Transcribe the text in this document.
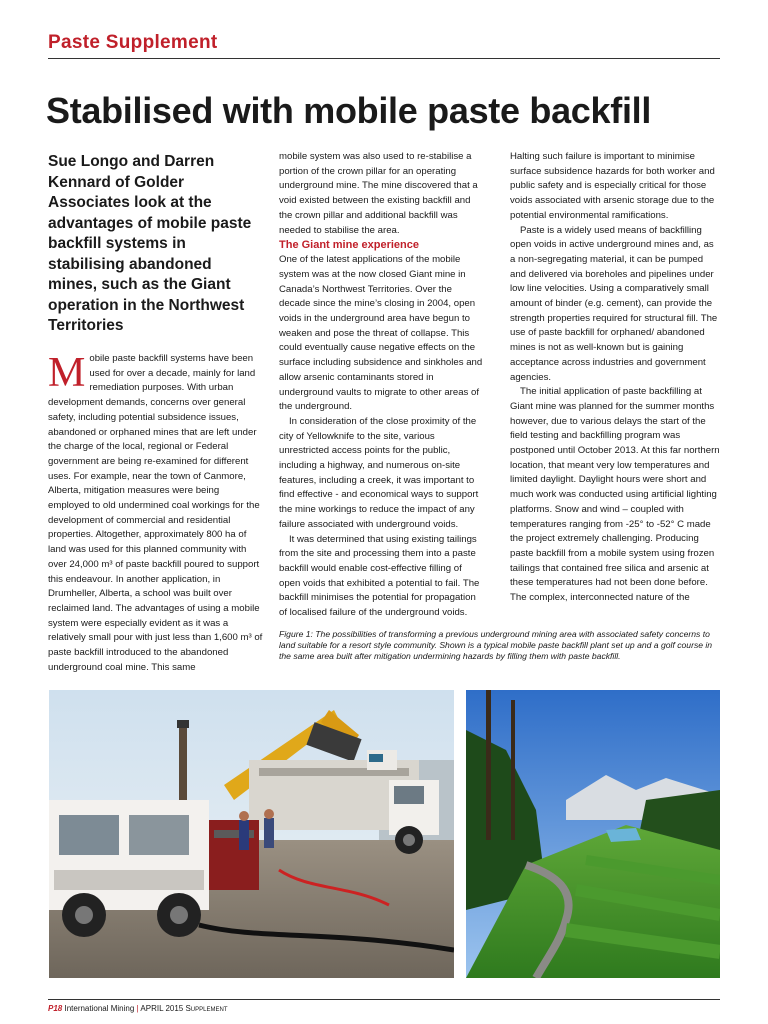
Paste Supplement
Stabilised with mobile paste backfill
Sue Longo and Darren Kennard of Golder Associates look at the advantages of mobile paste backfill systems in stabilising abandoned mines, such as the Giant operation in the Northwest Territories

Mobile paste backfill systems have been used for over a decade, mainly for land remediation purposes. With urban development demands, concerns over general safety, including potential subsidence issues, abandoned or orphaned mines that are left under the charge of the local, regional or Federal government are being re-examined for different uses. For example, near the town of Canmore, Alberta, mitigation measures were being employed to old undermined coal workings for the development of commercial and residential properties. Altogether, approximately 800 ha of land was used for this planned community with over 24,000 m³ of paste backfill poured to support this endeavour. In another application, in Drumheller, Alberta, a school was built over reclaimed land. The advantages of using a mobile system were especially evident as it was a relatively small pour with just less than 1,600 m³ of paste backfill introduced to the abandoned underground coal mine. This same

mobile system was also used to re-stabilise a portion of the crown pillar for an operating underground mine. The mine discovered that a void existed between the existing backfill and the crown pillar and additional backfill was needed to stabilise the area.

The Giant mine experience

One of the latest applications of the mobile system was at the now closed Giant mine in Canada’s Northwest Territories. Over the decade since the mine’s closing in 2004, open voids in the underground area have begun to weaken and pose the threat of collapse. This could eventually cause negative effects on the surface including subsidence and sinkholes and allow arsenic contaminants stored in underground vaults to migrate to other areas of the underground.

In consideration of the close proximity of the city of Yellowknife to the site, various unrestricted access points for the public, including a highway, and numerous on-site features, including a creek, it was important to find effective - and economical ways to support the mine workings to reduce the impact of any failure associated with underground voids.

It was determined that using existing tailings from the site and processing them into a paste backfill would enable cost-effective filling of open voids that exhibited a potential to fail. The backfill minimises the potential for propagation of localised failure of the underground voids.

Halting such failure is important to minimise surface subsidence hazards for both worker and public safety and is especially critical for those voids associated with arsenic storage due to the potential environmental ramifications.

Paste is a widely used means of backfilling open voids in active underground mines and, as a non-segregating material, it can be pumped and delivered via boreholes and pipelines under low line velocities. Using a comparatively small amount of binder (e.g. cement), can provide the strength properties required for structural fill. The use of paste backfill for orphaned/ abandoned mines is not as well-known but is gaining acceptance across industries and government agencies.

The initial application of paste backfilling at Giant mine was planned for the summer months however, due to various delays the start of the field testing and backfilling program was postponed until October 2013. At this far northern location, that meant very low temperatures and limited daylight. Daylight hours were short and much work was conducted using artificial lighting platforms. Snow and wind – coupled with temperatures ranging from -25° to -52° C made the project extremely challenging. Producing paste backfill from a mobile system using frozen tailings that contained free silica and arsenic at these temperatures had not been done before. The complex, interconnected nature of the

Figure 1: The possibilities of transforming a previous underground mining area with associated safety concerns to land suitable for a resort style community. Shown is a typical mobile paste backfill plant set up and a golf course in the same area built after mitigation undermining hazards by filling them with paste backfill.
P18 International Mining | APRIL 2015 Supplement
